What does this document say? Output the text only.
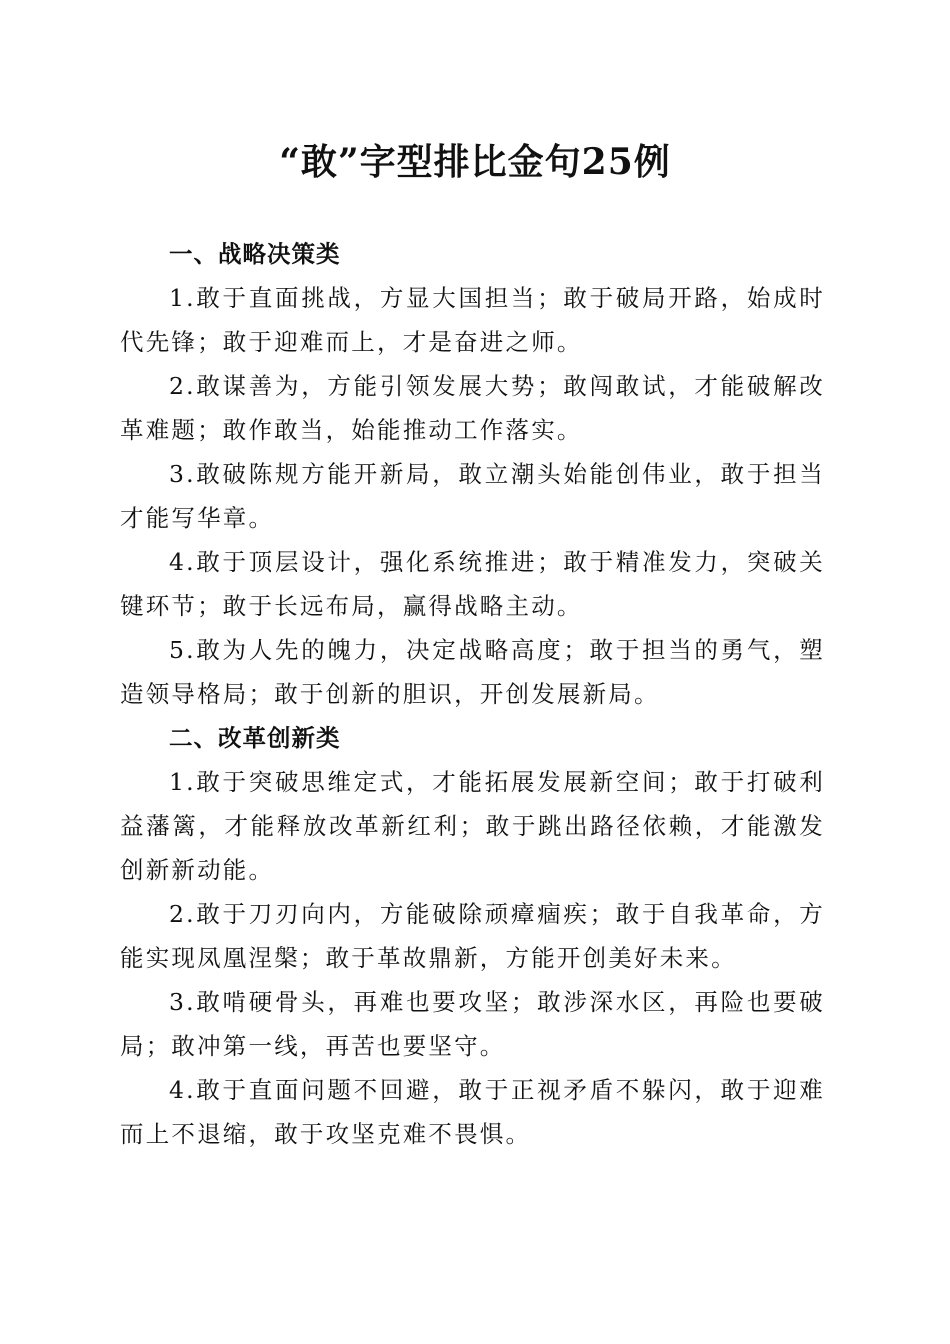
“敢”字型排比金句25例

一、战略决策类

1.敢于直面挑战，方显大国担当；敢于破局开路，始成时代先锋；敢于迎难而上，才是奋进之师。

2.敢谋善为，方能引领发展大势；敢闯敢试，才能破解改革难题；敢作敢当，始能推动工作落实。

3.敢破陈规方能开新局，敢立潮头始能创伟业，敢于担当才能写华章。

4.敢于顶层设计，强化系统推进；敢于精准发力，突破关键环节；敢于长远布局，赢得战略主动。

5.敢为人先的魄力，决定战略高度；敢于担当的勇气，塑造领导格局；敢于创新的胆识，开创发展新局。

二、改革创新类

1.敢于突破思维定式，才能拓展发展新空间；敢于打破利益藩篱，才能释放改革新红利；敢于跳出路径依赖，才能激发创新新动能。

2.敢于刀刃向内，方能破除顽瘴痼疾；敢于自我革命，方能实现凤凰涅槃；敢于革故鼎新，方能开创美好未来。

3.敢啃硬骨头，再难也要攻坚；敢涉深水区，再险也要破局；敢冲第一线，再苦也要坚守。

4.敢于直面问题不回避，敢于正视矛盾不躲闪，敢于迎难而上不退缩，敢于攻坚克难不畏惧。
